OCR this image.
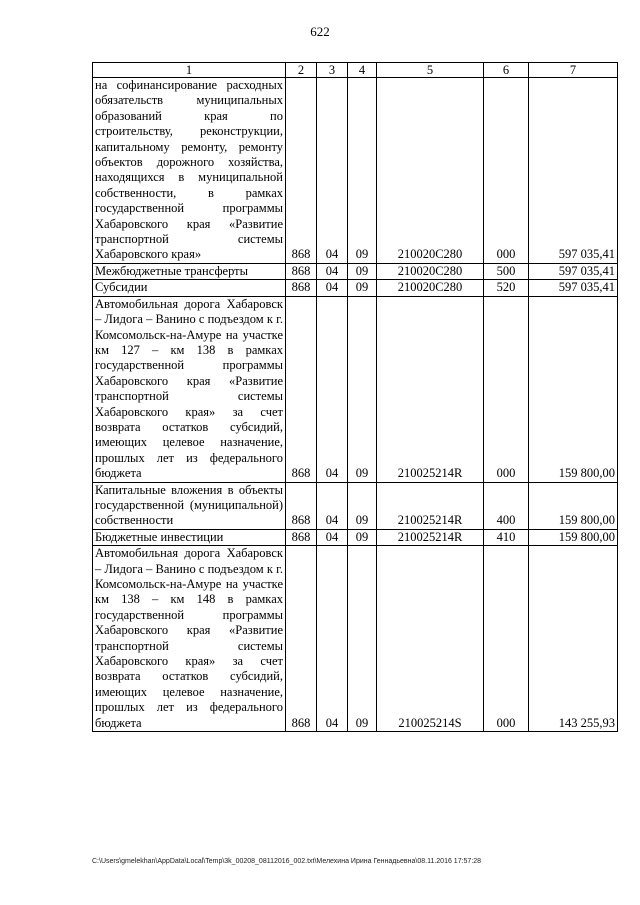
622
1	2	3	4	5	6	7
на софинансирование расходных обязательств муниципальных образований края по строительству, реконструкции, капитальному ремонту, ремонту объектов дорожного хозяйства, находящихся в муниципальной собственности, в рамках государственной программы Хабаровского края «Развитие транспортной системы Хабаровского края»	868	04	09	210020С280	000	597 035,41
Межбюджетные трансферты	868	04	09	210020С280	500	597 035,41
Субсидии	868	04	09	210020С280	520	597 035,41
Автомобильная дорога Хабаровск – Лидога – Ванино с подъездом к г. Комсомольск-на-Амуре на участке км 127 – км 138 в рамках государственной программы Хабаровского края «Развитие транспортной системы Хабаровского края» за счет возврата остатков субсидий, имеющих целевое назначение, прошлых лет из федерального бюджета	868	04	09	210025214R	000	159 800,00
Капитальные вложения в объекты государственной (муниципальной) собственности	868	04	09	210025214R	400	159 800,00
Бюджетные инвестиции	868	04	09	210025214R	410	159 800,00
Автомобильная дорога Хабаровск – Лидога – Ванино с подъездом к г. Комсомольск-на-Амуре на участке км 138 – км 148 в рамках государственной программы Хабаровского края «Развитие транспортной системы Хабаровского края» за счет возврата остатков субсидий, имеющих целевое назначение, прошлых лет из федерального бюджета	868	04	09	210025214S	000	143 255,93
C:\Users\gmelekhan\AppData\Local\Temp\3k_00208_08112016_002.txt\Мелехина Ирина Геннадьевна\08.11.2016 17:57:28
